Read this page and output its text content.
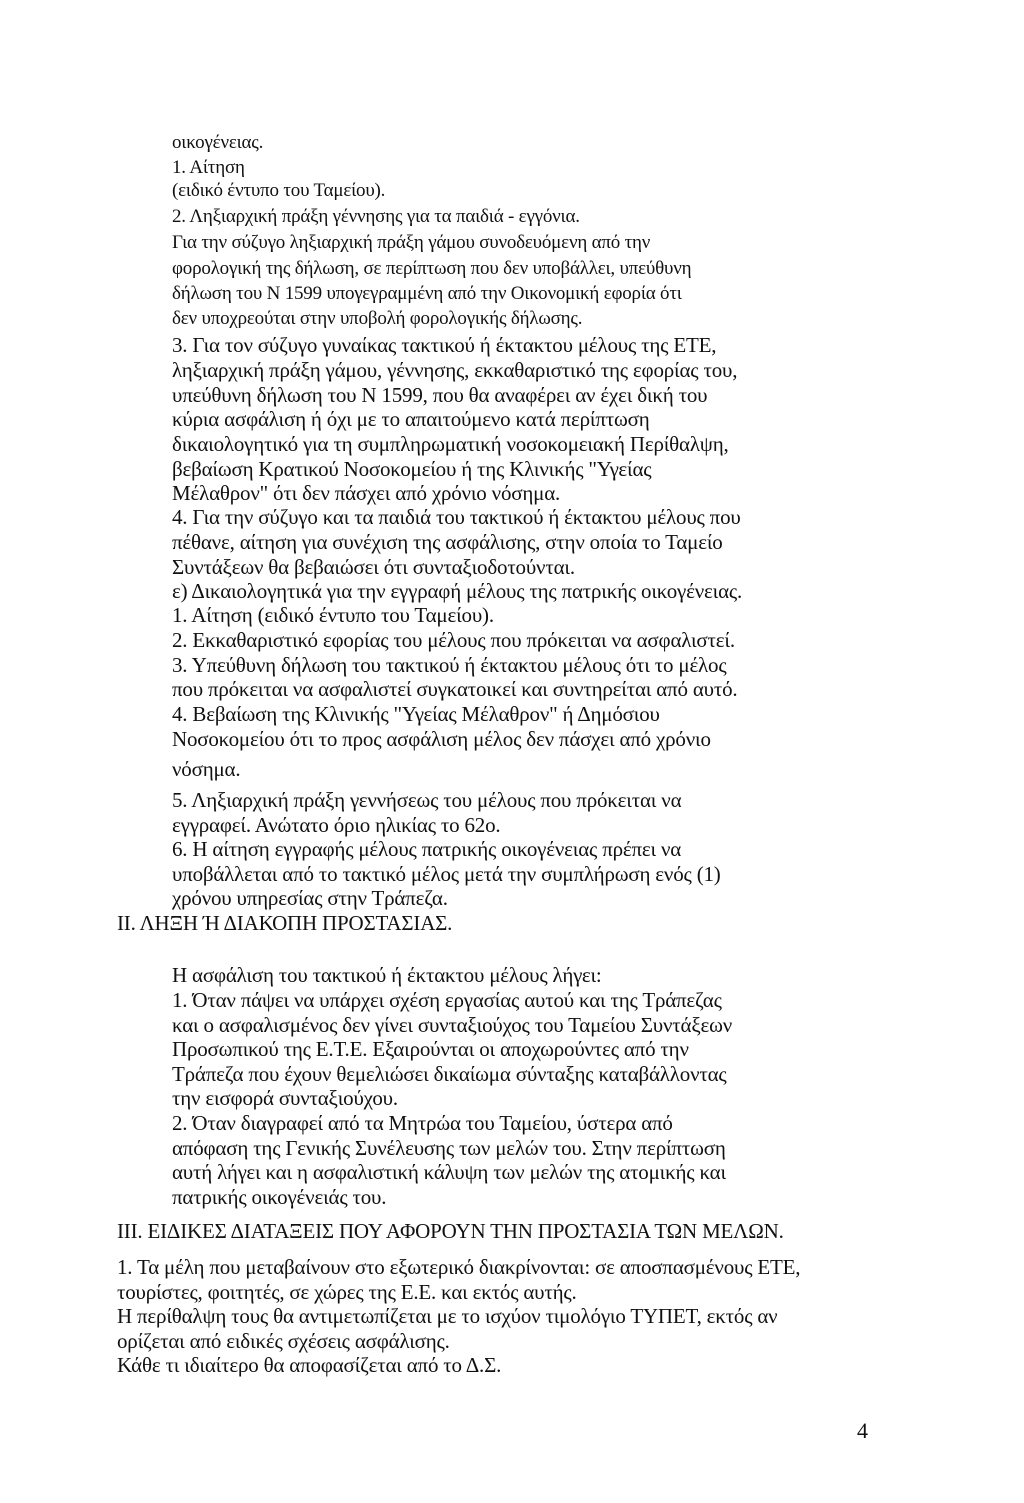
οικογένειας.
1. Αίτηση
(ειδικό έντυπο του Ταμείου).
2. Ληξιαρχική πράξη γέννησης για τα παιδιά - εγγόνια.
Για την σύζυγο ληξιαρχική πράξη γάμου συνοδευόμενη από την
φορολογική της δήλωση, σε περίπτωση που δεν υποβάλλει, υπεύθυνη
δήλωση του Ν 1599 υπογεγραμμένη από την Οικονομική εφορία ότι
δεν υποχρεούται στην υποβολή φορολογικής δήλωσης.
3. Για τον σύζυγο γυναίκας τακτικού ή έκτακτου μέλους της ΕΤΕ,
ληξιαρχική πράξη γάμου, γέννησης, εκκαθαριστικό της εφορίας του,
υπεύθυνη δήλωση του Ν 1599, που θα αναφέρει αν έχει δική του
κύρια ασφάλιση ή όχι με το απαιτούμενο κατά περίπτωση
δικαιολογητικό για τη συμπληρωματική νοσοκομειακή Περίθαλψη,
βεβαίωση Κρατικού Νοσοκομείου ή της Κλινικής "Υγείας
Μέλαθρον" ότι δεν πάσχει από χρόνιο νόσημα.
4. Για την σύζυγο και τα παιδιά του τακτικού ή έκτακτου μέλους που
πέθανε, αίτηση για συνέχιση της ασφάλισης, στην οποία το Ταμείο
Συντάξεων θα βεβαιώσει ότι συνταξιοδοτούνται.
ε) Δικαιολογητικά για την εγγραφή μέλους της πατρικής οικογένειας.
1. Αίτηση (ειδικό έντυπο του Ταμείου).
2. Εκκαθαριστικό εφορίας του μέλους που πρόκειται να ασφαλιστεί.
3. Υπεύθυνη δήλωση του τακτικού ή έκτακτου μέλους ότι το μέλος
που πρόκειται να ασφαλιστεί συγκατοικεί και συντηρείται από αυτό.
4. Βεβαίωση της Κλινικής "Υγείας Μέλαθρον" ή Δημόσιου
Νοσοκομείου ότι το προς ασφάλιση μέλος δεν πάσχει από χρόνιο
νόσημα.
5. Ληξιαρχική πράξη γεννήσεως του μέλους που πρόκειται να
εγγραφεί. Ανώτατο όριο ηλικίας το 62ο.
6. Η αίτηση εγγραφής μέλους πατρικής οικογένειας πρέπει να
υποβάλλεται από το τακτικό μέλος μετά την συμπλήρωση ενός (1)
χρόνου υπηρεσίας στην Τράπεζα.
ΙΙ. ΛΗΞΗ Ή ΔΙΑΚΟΠΗ ΠΡΟΣΤΑΣΙΑΣ.
Η ασφάλιση του τακτικού ή έκτακτου μέλους λήγει:
1. Όταν πάψει να υπάρχει σχέση εργασίας αυτού και της Τράπεζας
και ο ασφαλισμένος δεν γίνει συνταξιούχος του Ταμείου Συντάξεων
Προσωπικού της Ε.Τ.Ε. Εξαιρούνται οι αποχωρούντες από την
Τράπεζα που έχουν θεμελιώσει δικαίωμα σύνταξης καταβάλλοντας
την εισφορά συνταξιούχου.
2. Όταν διαγραφεί από τα Μητρώα του Ταμείου, ύστερα από
απόφαση της Γενικής Συνέλευσης των μελών του. Στην περίπτωση
αυτή λήγει και η ασφαλιστική κάλυψη των μελών της ατομικής και
πατρικής οικογένειάς του.
ΙΙΙ. ΕΙΔΙΚΕΣ ΔΙΑΤΑΞΕΙΣ ΠΟΥ ΑΦΟΡΟΥΝ ΤΗΝ ΠΡΟΣΤΑΣΙΑ ΤΩΝ ΜΕΛΩΝ.
1. Τα μέλη που μεταβαίνουν στο εξωτερικό διακρίνονται: σε αποσπασμένους ΕΤΕ,
τουρίστες, φοιτητές, σε χώρες της Ε.Ε. και εκτός αυτής.
Η περίθαλψη τους θα αντιμετωπίζεται με το ισχύον τιμολόγιο ΤΥΠΕΤ, εκτός αν
ορίζεται από ειδικές σχέσεις ασφάλισης.
Κάθε τι ιδιαίτερο θα αποφασίζεται από το Δ.Σ.
4
